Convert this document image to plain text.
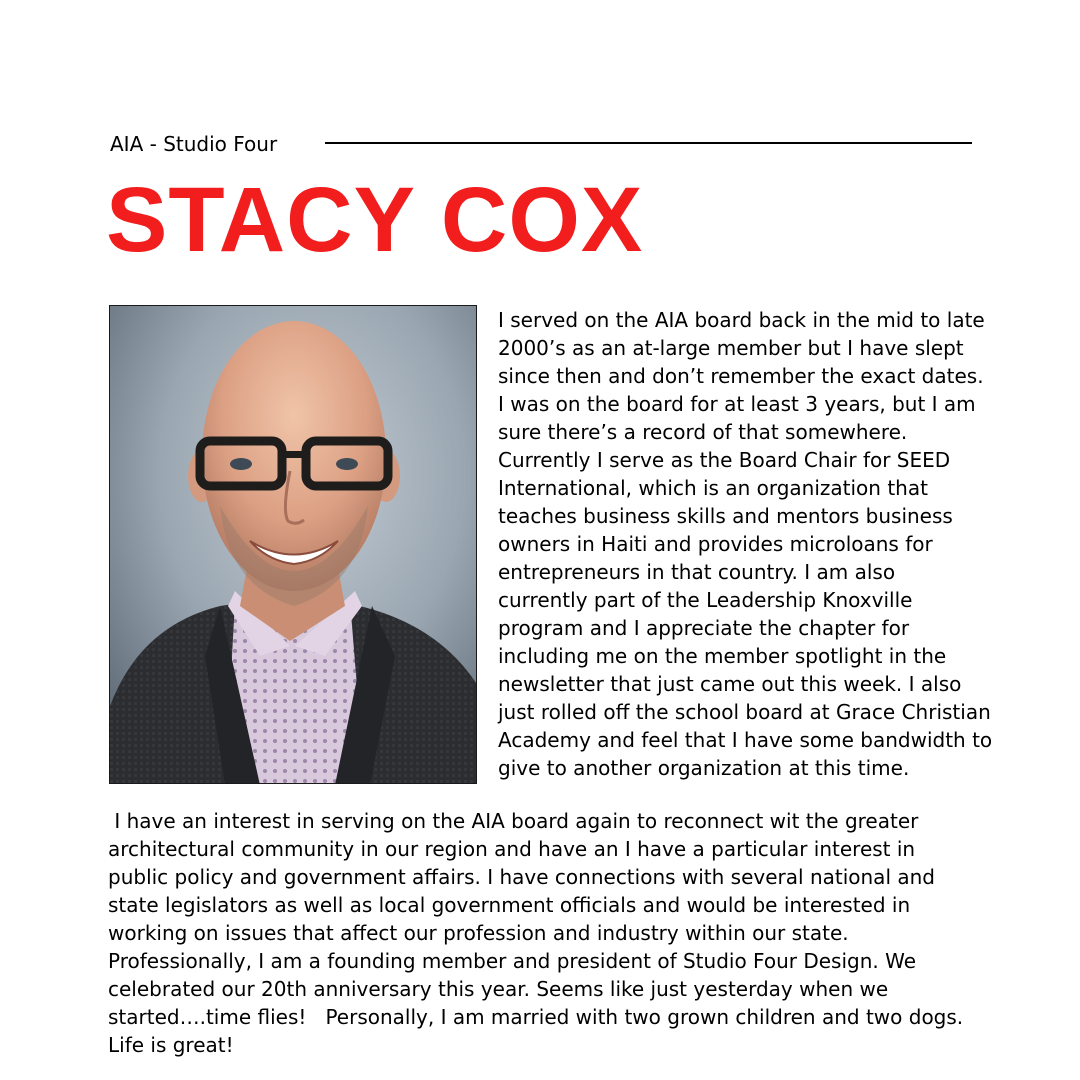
AIA - Studio Four
STACY COX

I served on the AIA board back in the mid to late
2000’s as an at-large member but I have slept
since then and don’t remember the exact dates.
I was on the board for at least 3 years, but I am
sure there’s a record of that somewhere.
Currently I serve as the Board Chair for SEED
International, which is an organization that
teaches business skills and mentors business
owners in Haiti and provides microloans for
entrepreneurs in that country. I am also
currently part of the Leadership Knoxville
program and I appreciate the chapter for
including me on the member spotlight in the
newsletter that just came out this week. I also
just rolled off the school board at Grace Christian
Academy and feel that I have some bandwidth to
give to another organization at this time.

I have an interest in serving on the AIA board again to reconnect wit the greater
architectural community in our region and have an I have a particular interest in
public policy and government affairs. I have connections with several national and
state legislators as well as local government officials and would be interested in
working on issues that affect our profession and industry within our state.
Professionally, I am a founding member and president of Studio Four Design. We
celebrated our 20th anniversary this year. Seems like just yesterday when we
started….time flies!   Personally, I am married with two grown children and two dogs.
Life is great!
